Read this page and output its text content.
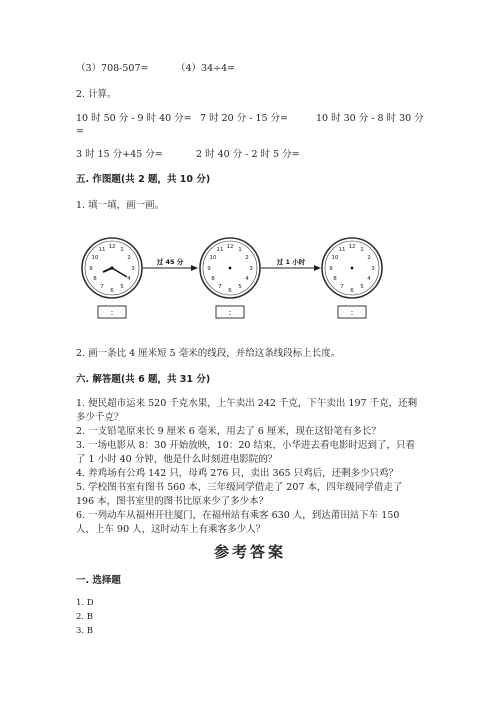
（3）708-507=	（4）34÷4=
2. 计算。
10 时 50 分 - 9 时 40 分= 7 时 20 分 - 15 分=	10 时 30 分 - 8 时 30 分
=
3 时 15 分+45 分=	2 时 40 分 - 2 时 5 分=
五. 作图题(共 2 题，共 10 分)
1. 填一填，画一画。
12 1
2
3
4
5
6
7
8
9
10
11	12 1
2
3
4
5
6
7
8
9
10
11	12 1
2
3
4
5
6
7
8
9
10
11
过 45 分	过 1 小时
:	:	:
2. 画一条比 4 厘米短 5 毫米的线段，并给这条线段标上长度。
六. 解答题(共 6 题，共 31 分)
1. 便民超市运来 520 千克水果，上午卖出 242 千克，下午卖出 197 千克，还剩
多少千克？
2. 一支铅笔原来长 9 厘米 6 毫米，用去了 6 厘米，现在这铅笔有多长？
3. 一场电影从 8：30 开始放映，10：20 结束，小华进去看电影时迟到了，只看
了 1 小时 40 分钟，他是什么时刻进电影院的？
4. 养鸡场有公鸡 142 只，母鸡 276 只，卖出 365 只鸡后，还剩多少只鸡？
5. 学校图书室有图书 560 本，三年级同学借走了 207 本，四年级同学借走了
196 本，图书室里的图书比原来少了多少本？
6. 一列动车从福州开往厦门，在福州站有乘客 630 人，到达莆田站下车 150
人，上车 90 人，这时动车上有乘客多少人？
参考答案
一. 选择题
1. D
2. B
3. B
